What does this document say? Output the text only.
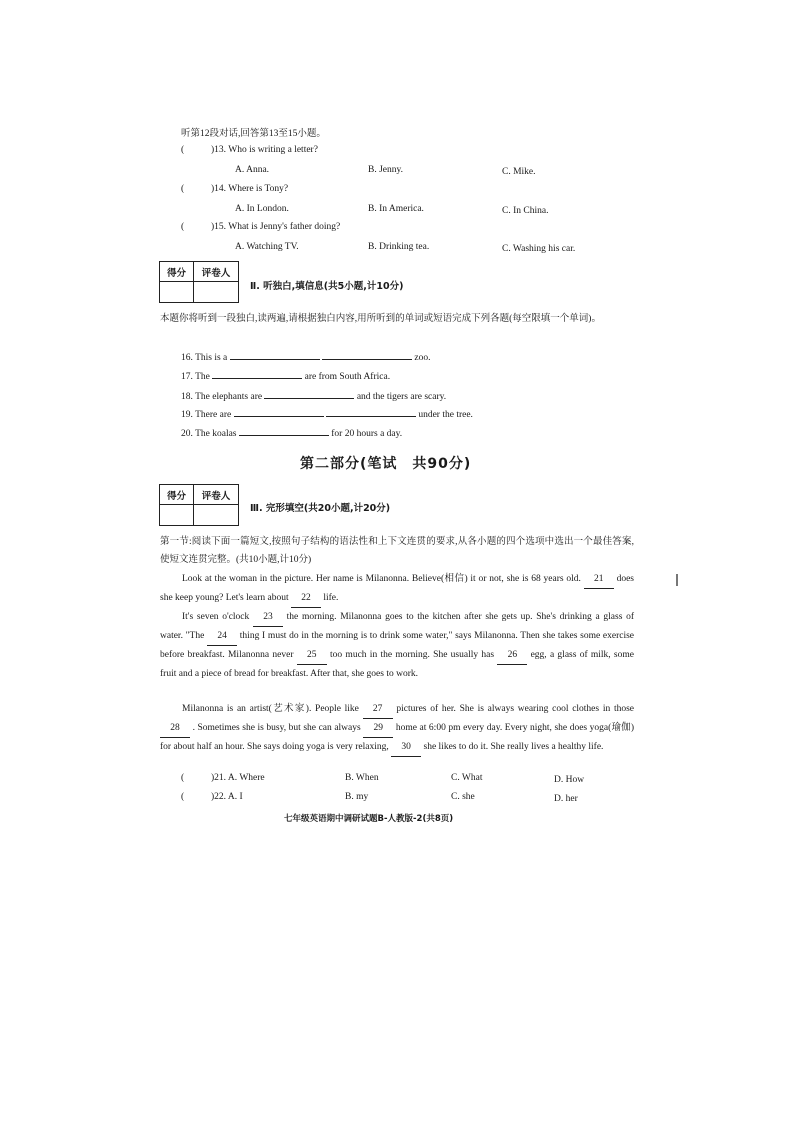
听第12段对话,回答第13至15小题。
(	)13. Who is writing a letter?
A. Anna.	B. Jenny.	C. Mike.
(	)14. Where is Tony?
A. In London.	B. In America.	C. In China.
(	)15. What is Jenny's father doing?
A. Watching TV.	B. Drinking tea.	C. Washing his car.
得分	评卷人
Ⅱ. 听独白,填信息(共5小题,计10分)
本题你将听到一段独白,读两遍,请根据独白内容,用所听到的单词或短语完成下列各题(每空限填一个单词)。
16. This is a	zoo.
17. The	are from South Africa.
18. The elephants are	and the tigers are scary.
19. There are	under the tree.
20. The koalas	for 20 hours a day.
第二部分(笔试　共90分)
得分	评卷人
Ⅲ. 完形填空(共20小题,计20分)
第一节:阅读下面一篇短文,按照句子结构的语法性和上下文连贯的要求,从各小题的四个选项中选出一个最佳答案,使短文连贯完整。(共10小题,计10分)
Look at the woman in the picture. Her name is Milanonna. Believe(相信) it or not, she is 68 years old. 21 does she keep young? Let's learn about 22 life.
It's seven o'clock 23 the morning. Milanonna goes to the kitchen after she gets up. She's drinking a glass of water. "The 24 thing I must do in the morning is to drink some water," says Milanonna. Then she takes some exercise before breakfast. Milanonna never 25 too much in the morning. She usually has 26 egg, a glass of milk, some fruit and a piece of bread for breakfast. After that, she goes to work.
Milanonna is an artist(艺术家). People like 27 pictures of her. She is always wearing cool clothes in those 28 . Sometimes she is busy, but she can always 29 home at 6:00 pm every day. Every night, she does yoga(瑜伽) for about half an hour. She says doing yoga is very relaxing, 30 she likes to do it. She really lives a healthy life.
(	)21. A. Where	B. When	C. What	D. How
(	)22. A. I	B. my	C. she	D. her
七年级英语期中调研试题B-人教版-2(共8页)
